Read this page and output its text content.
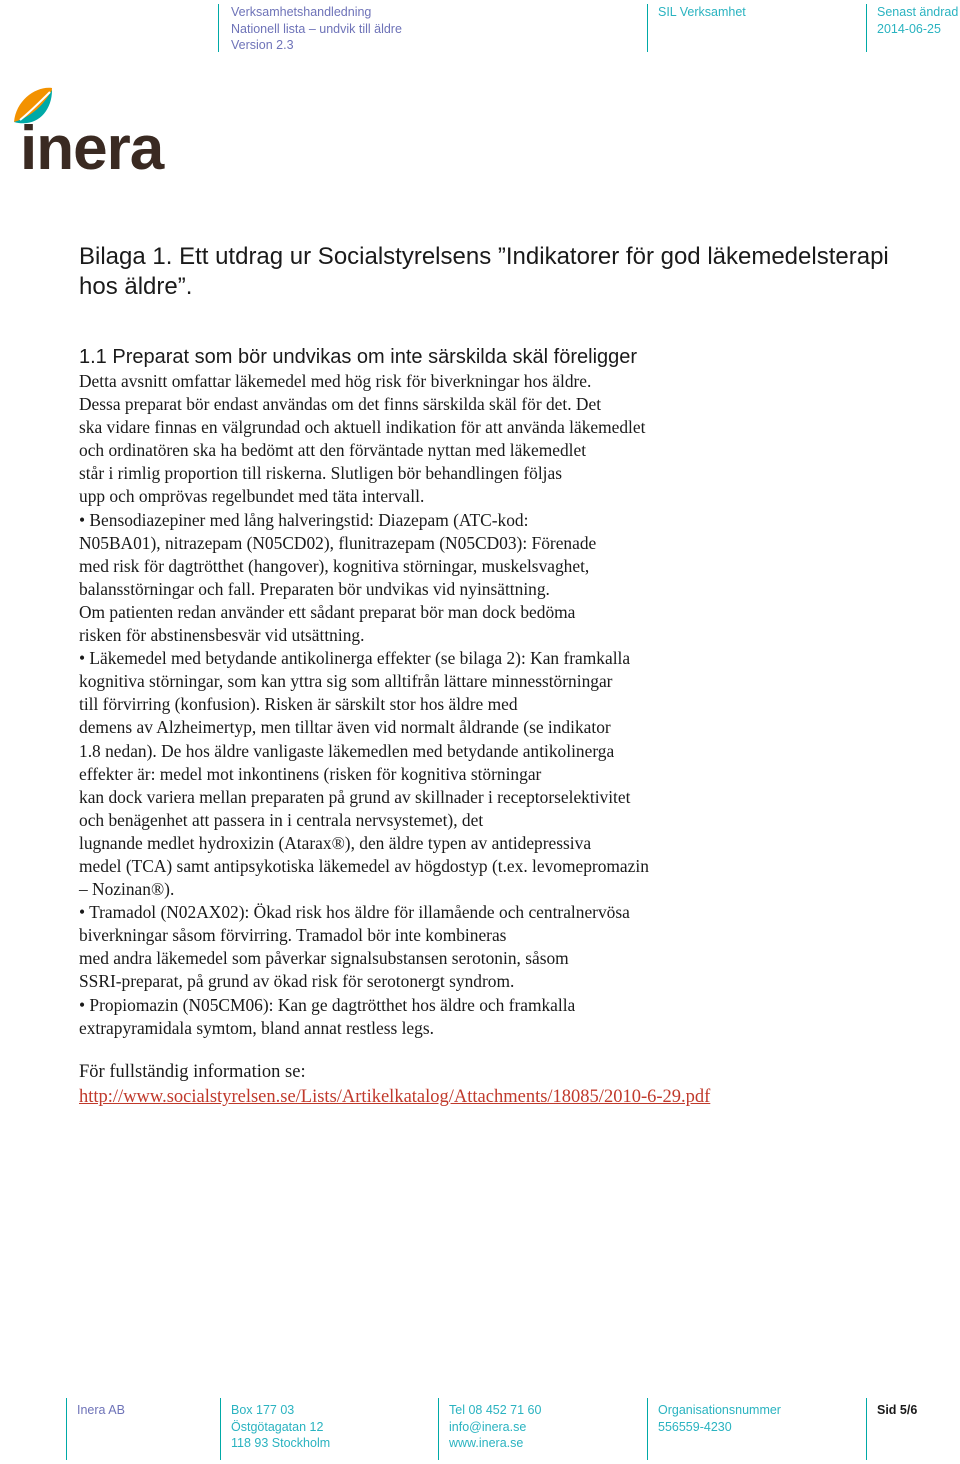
Verksamhetshandledning
Nationell lista – undvik till äldre
Version 2.3
SIL Verksamhet	Senast ändrad
2014-06-25
inera
Bilaga 1. Ett utdrag ur Socialstyrelsens ”Indikatorer för god läkemedelsterapi
hos äldre”.
1.1 Preparat som bör undvikas om inte särskilda skäl föreligger
Detta avsnitt omfattar läkemedel med hög risk för biverkningar hos äldre.
Dessa preparat bör endast användas om det finns särskilda skäl för det. Det
ska vidare finnas en välgrundad och aktuell indikation för att använda läkemedlet
och ordinatören ska ha bedömt att den förväntade nyttan med läkemedlet
står i rimlig proportion till riskerna. Slutligen bör behandlingen följas
upp och omprövas regelbundet med täta intervall.
• Bensodiazepiner med lång halveringstid: Diazepam (ATC-kod:
N05BA01), nitrazepam (N05CD02), flunitrazepam (N05CD03): Förenade
med risk för dagtrötthet (hangover), kognitiva störningar, muskelsvaghet,
balansstörningar och fall. Preparaten bör undvikas vid nyinsättning.
Om patienten redan använder ett sådant preparat bör man dock bedöma
risken för abstinensbesvär vid utsättning.
• Läkemedel med betydande antikolinerga effekter (se bilaga 2): Kan framkalla
kognitiva störningar, som kan yttra sig som alltifrån lättare minnesstörningar
till förvirring (konfusion). Risken är särskilt stor hos äldre med
demens av Alzheimertyp, men tilltar även vid normalt åldrande (se indikator
1.8 nedan). De hos äldre vanligaste läkemedlen med betydande antikolinerga
effekter är: medel mot inkontinens (risken för kognitiva störningar
kan dock variera mellan preparaten på grund av skillnader i receptorselektivitet
och benägenhet att passera in i centrala nervsystemet), det
lugnande medlet hydroxizin (Atarax®), den äldre typen av antidepressiva
medel (TCA) samt antipsykotiska läkemedel av högdostyp (t.ex. levomepromazin
– Nozinan®).
• Tramadol (N02AX02): Ökad risk hos äldre för illamående och centralnervösa
biverkningar såsom förvirring. Tramadol bör inte kombineras
med andra läkemedel som påverkar signalsubstansen serotonin, såsom
SSRI-preparat, på grund av ökad risk för serotonergt syndrom.
• Propiomazin (N05CM06): Kan ge dagtrötthet hos äldre och framkalla
extrapyramidala symtom, bland annat restless legs.
För fullständig information se:
http://www.socialstyrelsen.se/Lists/Artikelkatalog/Attachments/18085/2010-6-29.pdf
Inera AB	Box 177 03
Östgötagatan 12
118 93 Stockholm
Tel 08 452 71 60
info@inera.se
www.inera.se
Organisationsnummer
556559-4230
Sid 5/6
